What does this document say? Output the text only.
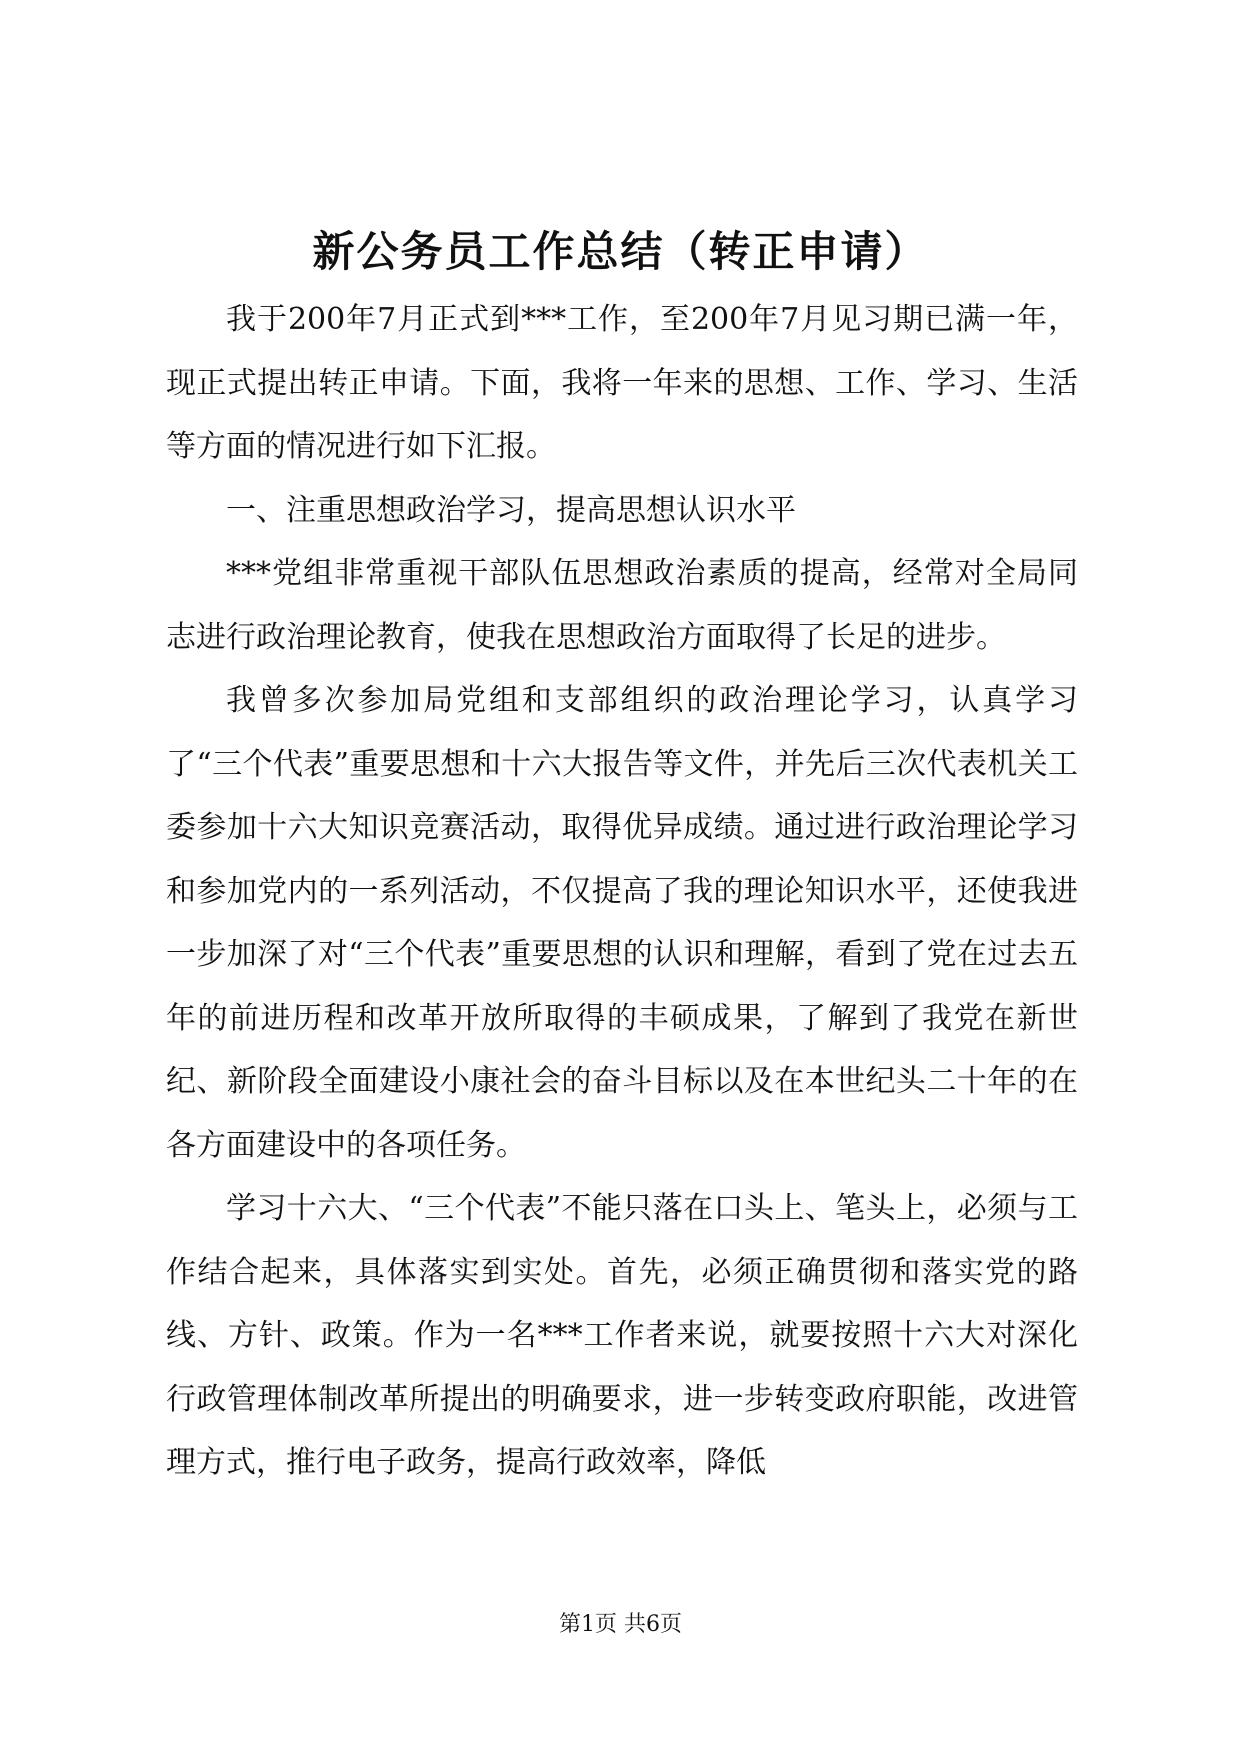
新公务员工作总结（转正申请）

我于200年7月正式到***工作，至200年7月见习期已满一年，现正式提出转正申请。下面，我将一年来的思想、工作、学习、生活等方面的情况进行如下汇报。

一、注重思想政治学习，提高思想认识水平

***党组非常重视干部队伍思想政治素质的提高，经常对全局同志进行政治理论教育，使我在思想政治方面取得了长足的进步。

我曾多次参加局党组和支部组织的政治理论学习，认真学习了“三个代表”重要思想和十六大报告等文件，并先后三次代表机关工委参加十六大知识竞赛活动，取得优异成绩。通过进行政治理论学习和参加党内的一系列活动，不仅提高了我的理论知识水平，还使我进一步加深了对“三个代表”重要思想的认识和理解，看到了党在过去五年的前进历程和改革开放所取得的丰硕成果，了解到了我党在新世纪、新阶段全面建设小康社会的奋斗目标以及在本世纪头二十年的在各方面建设中的各项任务。

学习十六大、“三个代表”不能只落在口头上、笔头上，必须与工作结合起来，具体落实到实处。首先，必须正确贯彻和落实党的路线、方针、政策。作为一名***工作者来说，就要按照十六大对深化行政管理体制改革所提出的明确要求，进一步转变政府职能，改进管理方式，推行电子政务，提高行政效率，降低

第1页 共6页
